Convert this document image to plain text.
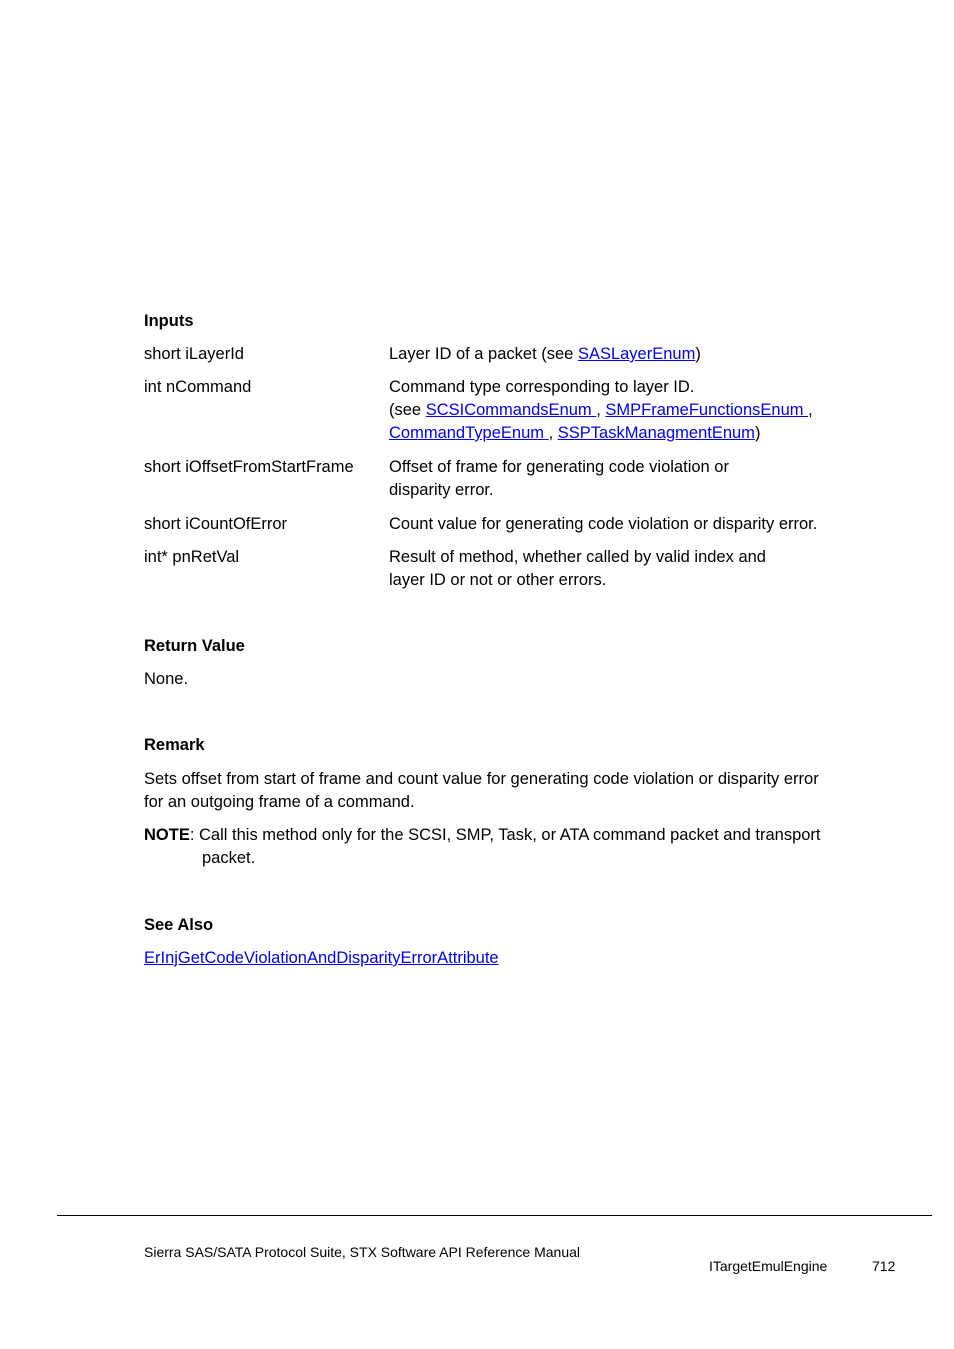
Inputs
short iLayerId	Layer ID of a packet (see SASLayerEnum)
int nCommand	Command type corresponding to layer ID.
(see SCSICommandsEnum , SMPFrameFunctionsEnum ,
CommandTypeEnum , SSPTaskManagmentEnum)
short iOffsetFromStartFrame Offset of frame for generating code violation or
disparity error.
short iCountOfError	Count value for generating code violation or disparity error.
int* pnRetVal	Result of method, whether called by valid index and
layer ID or not or other errors.
Return Value
None.
Remark
Sets offset from start of frame and count value for generating code violation or disparity error
for an outgoing frame of a command.
NOTE: Call this method only for the SCSI, SMP, Task, or ATA command packet and transport
packet.
See Also
ErInjGetCodeViolationAndDisparityErrorAttribute
Sierra SAS/SATA Protocol Suite, STX Software API Reference Manual
ITargetEmulEngine	712
